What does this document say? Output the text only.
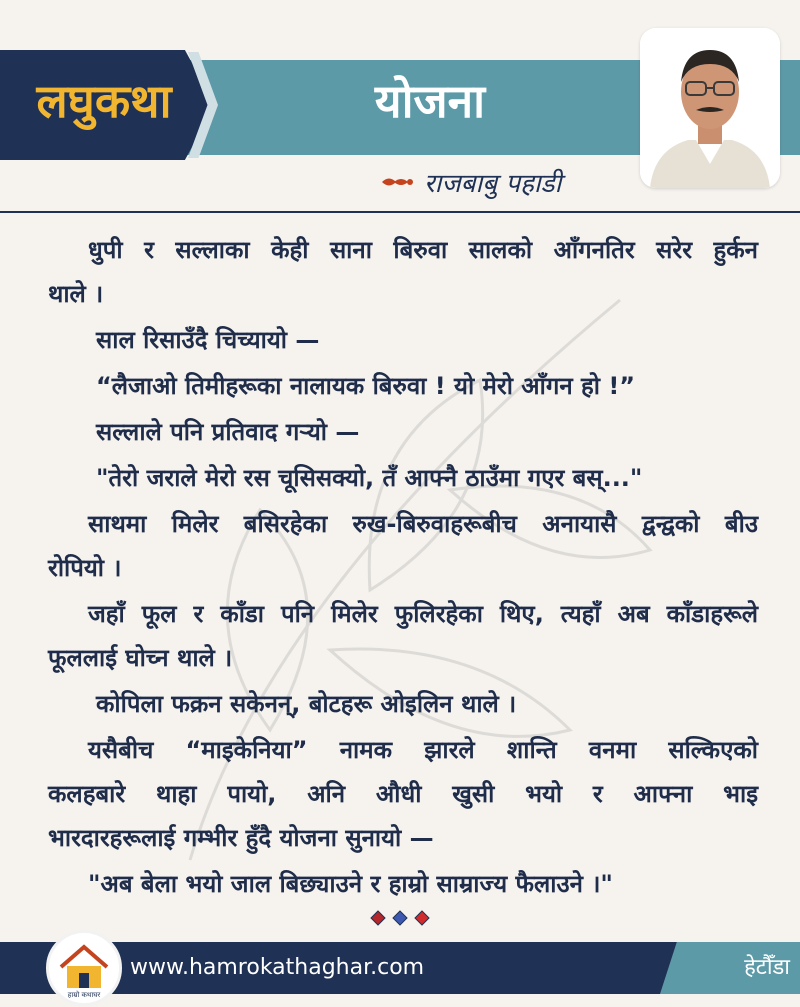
लघुकथा	योजना
राजबाबु पहाडी
धुपी र सल्लाका केही साना बिरुवा सालको आँगनतिर सरेर हुर्कन
थाले ।
साल रिसाउँदै चिच्यायो —
“लैजाओ तिमीहरूका नालायक बिरुवा ! यो मेरो आँगन हो !”
सल्लाले पनि प्रतिवाद गऱ्यो —
"तेरो जराले मेरो रस चूसिसक्यो, तँ आफ्नै ठाउँमा गएर बस्..."
साथमा मिलेर बसिरहेका रुख-बिरुवाहरूबीच अनायासै द्वन्द्वको बीउ
रोपियो ।
जहाँ फूल र काँडा पनि मिलेर फुलिरहेका थिए, त्यहाँ अब काँडाहरूले
फूललाई घोच्न थाले ।
कोपिला फक्रन सकेनन्, बोटहरू ओइलिन थाले ।
यसैबीच “माइकेनिया” नामक झारले शान्ति वनमा सल्किएको
कलहबारे थाहा पायो, अनि औधी खुसी भयो र आफ्ना भाइ
भारदारहरूलाई गम्भीर हुँदै योजना सुनायो —
"अब बेला भयो जाल बिछ्याउने र हाम्रो साम्राज्य फैलाउने ।"
हाम्रो कथाघर
www.hamrokathaghar.com	हेटौँडा
